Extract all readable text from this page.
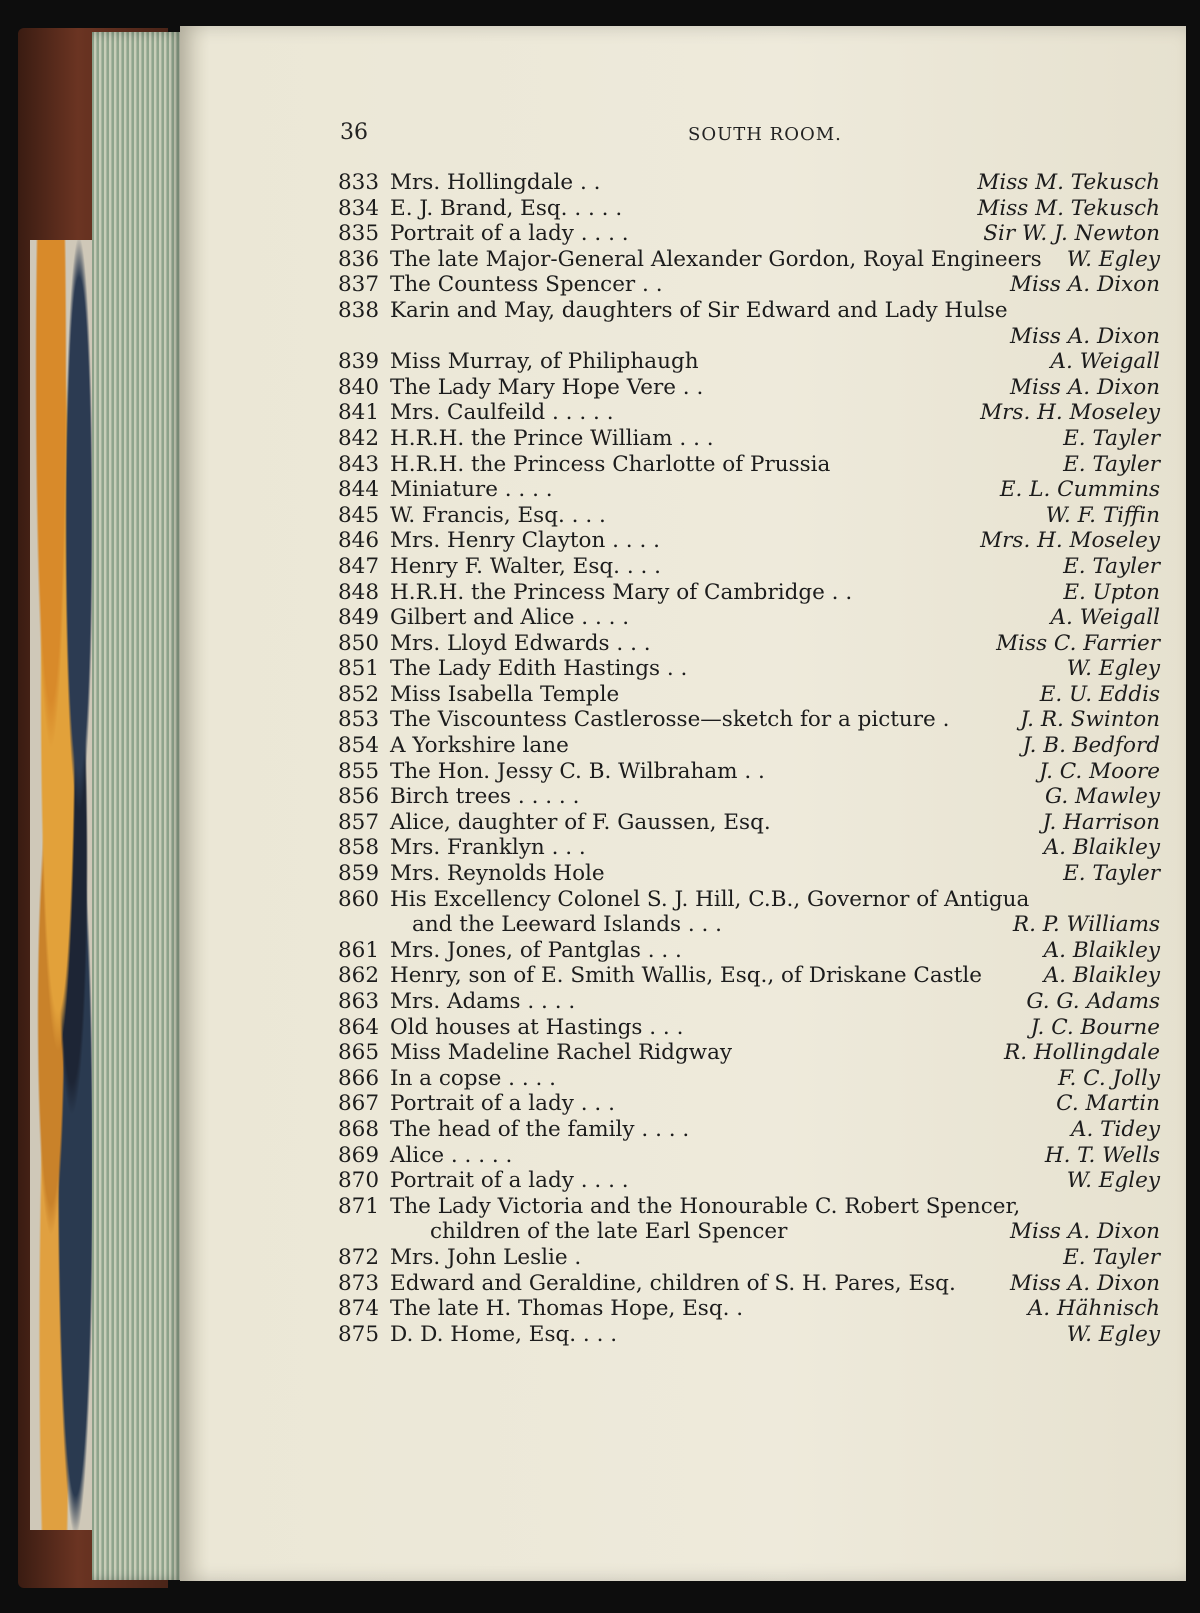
36	SOUTH ROOM.
833 Mrs. Hollingdale . .	Miss M. Tekusch
834 E. J. Brand, Esq. . . . .	Miss M. Tekusch
835 Portrait of a lady . . . .	Sir W. J. Newton
836 The late Major-General Alexander Gordon, Royal Engineers W. Egley
837 The Countess Spencer . .	Miss A. Dixon
838 Karin and May, daughters of Sir Edward and Lady Hulse
Miss A. Dixon
839 Miss Murray, of Philiphaugh	A. Weigall
840 The Lady Mary Hope Vere . .	Miss A. Dixon
841 Mrs. Caulfeild . . . . .	Mrs. H. Moseley
842 H.R.H. the Prince William . . .	E. Tayler
843 H.R.H. the Princess Charlotte of Prussia	E. Tayler
844 Miniature . . . .	E. L. Cummins
845 W. Francis, Esq. . . .	W. F. Tiffin
846 Mrs. Henry Clayton . . . .	Mrs. H. Moseley
847 Henry F. Walter, Esq. . . .	E. Tayler
848 H.R.H. the Princess Mary of Cambridge . .	E. Upton
849 Gilbert and Alice . . . .	A. Weigall
850 Mrs. Lloyd Edwards . . .	Miss C. Farrier
851 The Lady Edith Hastings . .	W. Egley
852 Miss Isabella Temple	E. U. Eddis
853 The Viscountess Castlerosse—sketch for a picture .	J. R. Swinton
854 A Yorkshire lane	J. B. Bedford
855 The Hon. Jessy C. B. Wilbraham . .	J. C. Moore
856 Birch trees . . . . .	G. Mawley
857 Alice, daughter of F. Gaussen, Esq.	J. Harrison
858 Mrs. Franklyn . . .	A. Blaikley
859 Mrs. Reynolds Hole	E. Tayler
860 His Excellency Colonel S. J. Hill, C.B., Governor of Antigua
and the Leeward Islands . . .	R. P. Williams
861 Mrs. Jones, of Pantglas . . .	A. Blaikley
862 Henry, son of E. Smith Wallis, Esq., of Driskane Castle	A. Blaikley
863 Mrs. Adams . . . .	G. G. Adams
864 Old houses at Hastings . . .	J. C. Bourne
865 Miss Madeline Rachel Ridgway	R. Hollingdale
866 In a copse . . . .	F. C. Jolly
867 Portrait of a lady . . .	C. Martin
868 The head of the family . . . .	A. Tidey
869 Alice . . . . .	H. T. Wells
870 Portrait of a lady . . . .	W. Egley
871 The Lady Victoria and the Honourable C. Robert Spencer,
children of the late Earl Spencer	Miss A. Dixon
872 Mrs. John Leslie .	E. Tayler
873 Edward and Geraldine, children of S. H. Pares, Esq.	Miss A. Dixon
874 The late H. Thomas Hope, Esq. .	A. Hähnisch
875 D. D. Home, Esq. . . .	W. Egley
